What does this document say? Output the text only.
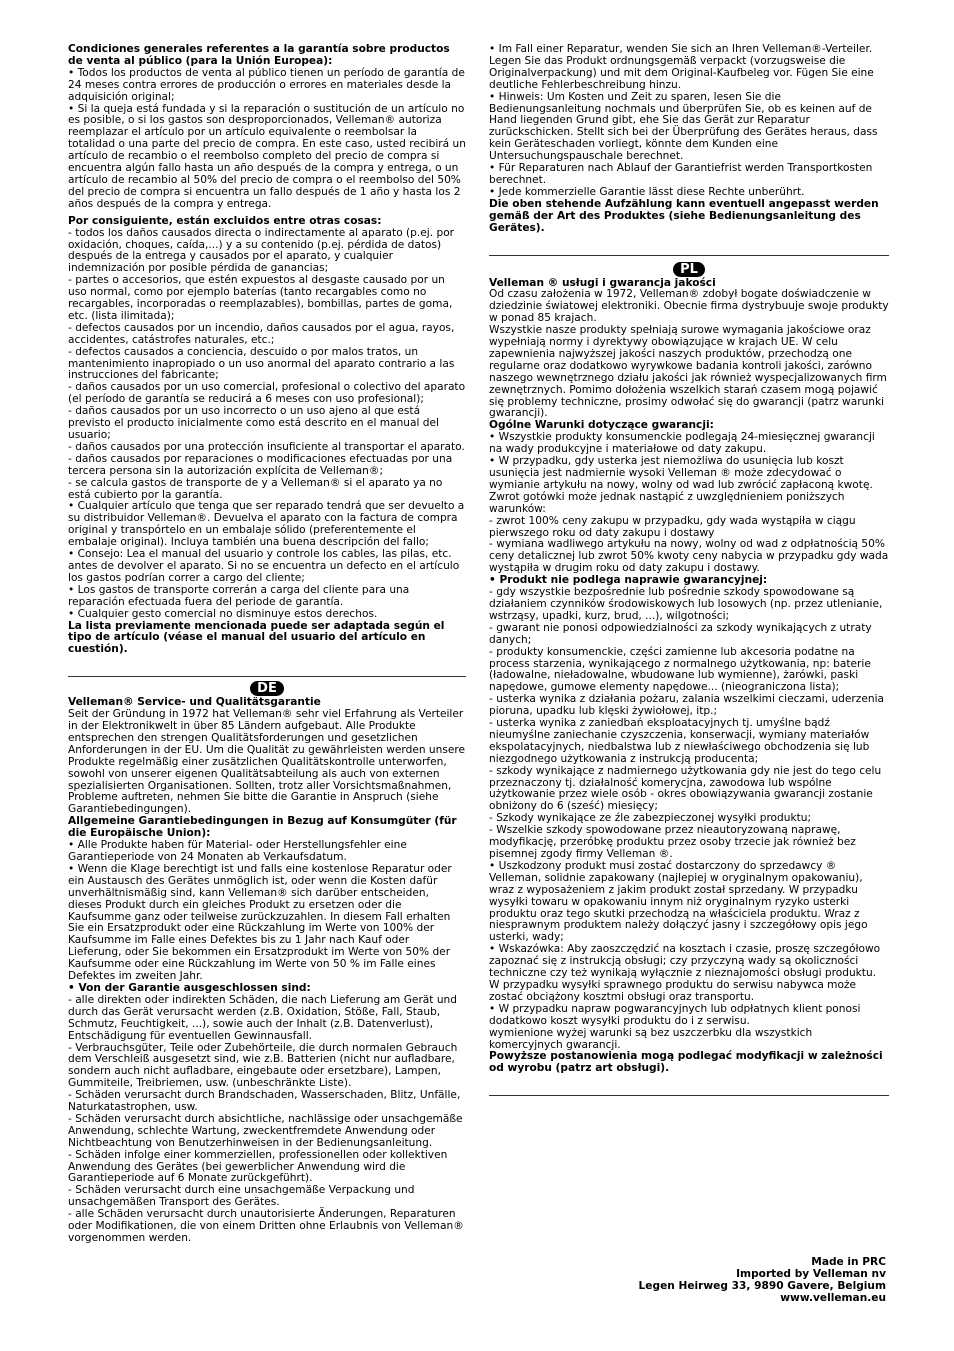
Condiciones generales referentes a la garantía sobre productos de venta al público (para la Unión Europea):

• Todos los productos de venta al público tienen un período de garantía de 24 meses contra errores de producción o errores en materiales desde la adquisición original;

• Si la queja está fundada y si la reparación o sustitución de un artículo no es posible, o si los gastos son desproporcionados, Velleman® autoriza reemplazar el artículo por un artículo equivalente o reembolsar la totalidad o una parte del precio de compra. En este caso, usted recibirá un artículo de recambio o el reembolso completo del precio de compra si encuentra algún fallo hasta un año después de la compra y entrega, o un artículo de recambio al 50% del precio de compra o el reembolso del 50% del precio de compra si encuentra un fallo después de 1 año y hasta los 2 años después de la compra y entrega.

Por consiguiente, están excluidos entre otras cosas:

- todos los daños causados directa o indirectamente al aparato (p.ej. por oxidación, choques, caída,...) y a su contenido (p.ej. pérdida de datos) después de la entrega y causados por el aparato, y cualquier indemnización por posible pérdida de ganancias;

- partes o accesorios, que estén expuestos al desgaste causado por un uso normal, como por ejemplo baterías (tanto recargables como no recargables, incorporadas o reemplazables), bombillas, partes de goma, etc. (lista ilimitada);

- defectos causados por un incendio, daños causados por el agua, rayos, accidentes, catástrofes naturales, etc.;

- defectos causados a conciencia, descuido o por malos tratos, un mantenimiento inapropiado o un uso anormal del aparato contrario a las instrucciones del fabricante;

- daños causados por un uso comercial, profesional o colectivo del aparato (el período de garantía se reducirá a 6 meses con uso profesional);

- daños causados por un uso incorrecto o un uso ajeno al que está previsto el producto inicialmente como está descrito en el manual del usuario;

- daños causados por una protección insuficiente al transportar el aparato.

- daños causados por reparaciones o modificaciones efectuadas por una tercera persona sin la autorización explícita de Velleman®;

- se calcula gastos de transporte de y a Velleman® si el aparato ya no está cubierto por la garantía.

• Cualquier artículo que tenga que ser reparado tendrá que ser devuelto a su distribuidor Velleman®. Devuelva el aparato con la factura de compra original y transpórtelo en un embalaje sólido (preferentemente el embalaje original). Incluya también una buena descripción del fallo;

• Consejo: Lea el manual del usuario y controle los cables, las pilas, etc. antes de devolver el aparato. Si no se encuentra un defecto en el artículo los gastos podrían correr a cargo del cliente;

• Los gastos de transporte correrán a carga del cliente para una reparación efectuada fuera del periode de garantía.

• Cualquier gesto comercial no disminuye estos derechos.

La lista previamente mencionada puede ser adaptada según el tipo de artículo (véase el manual del usuario del artículo en cuestión).

DE

Velleman® Service- und Qualitätsgarantie

Seit der Gründung in 1972 hat Velleman® sehr viel Erfahrung als Verteiler in der Elektronikwelt in über 85 Ländern aufgebaut. Alle Produkte entsprechen den strengen Qualitätsforderungen und gesetzlichen Anforderungen in der EU. Um die Qualität zu gewährleisten werden unsere Produkte regelmäßig einer zusätzlichen Qualitätskontrolle unterworfen, sowohl von unserer eigenen Qualitätsabteilung als auch von externen spezialisierten Organisationen. Sollten, trotz aller Vorsichtsmaßnahmen, Probleme auftreten, nehmen Sie bitte die Garantie in Anspruch (siehe Garantiebedingungen).

Allgemeine Garantiebedingungen in Bezug auf Konsumgüter (für die Europäische Union):

• Alle Produkte haben für Material- oder Herstellungsfehler eine Garantieperiode von 24 Monaten ab Verkaufsdatum.

• Wenn die Klage berechtigt ist und falls eine kostenlose Reparatur oder ein Austausch des Gerätes unmöglich ist, oder wenn die Kosten dafür unverhältnismäßig sind, kann Velleman® sich darüber entscheiden, dieses Produkt durch ein gleiches Produkt zu ersetzen oder die Kaufsumme ganz oder teilweise zurückzuzahlen. In diesem Fall erhalten Sie ein Ersatzprodukt oder eine Rückzahlung im Werte von 100% der Kaufsumme im Falle eines Defektes bis zu 1 Jahr nach Kauf oder Lieferung, oder Sie bekommen ein Ersatzprodukt im Werte von 50% der Kaufsumme oder eine Rückzahlung im Werte von 50 % im Falle eines Defektes im zweiten Jahr.

• Von der Garantie ausgeschlossen sind:

- alle direkten oder indirekten Schäden, die nach Lieferung am Gerät und durch das Gerät verursacht werden (z.B. Oxidation, Stöße, Fall, Staub, Schmutz, Feuchtigkeit, ...), sowie auch der Inhalt (z.B. Datenverlust), Entschädigung für eventuellen Gewinnausfall.

- Verbrauchsgüter, Teile oder Zubehörteile, die durch normalen Gebrauch dem Verschleiß ausgesetzt sind, wie z.B. Batterien (nicht nur aufladbare, sondern auch nicht aufladbare, eingebaute oder ersetzbare), Lampen, Gummiteile, Treibriemen, usw. (unbeschränkte Liste).

- Schäden verursacht durch Brandschaden, Wasserschaden, Blitz, Unfälle, Naturkatastrophen, usw.

- Schäden verursacht durch absichtliche, nachlässige oder unsachgemäße Anwendung, schlechte Wartung, zweckentfremdete Anwendung oder Nichtbeachtung von Benutzerhinweisen in der Bedienungsanleitung.

- Schäden infolge einer kommerziellen, professionellen oder kollektiven Anwendung des Gerätes (bei gewerblicher Anwendung wird die Garantieperiode auf 6 Monate zurückgeführt).

- Schäden verursacht durch eine unsachgemäße Verpackung und unsachgemäßen Transport des Gerätes.

- alle Schäden verursacht durch unautorisierte Änderungen, Reparaturen oder Modifikationen, die von einem Dritten ohne Erlaubnis von Velleman® vorgenommen werden.

• Im Fall einer Reparatur, wenden Sie sich an Ihren Velleman®-Verteiler. Legen Sie das Produkt ordnungsgemäß verpackt (vorzugsweise die Originalverpackung) und mit dem Original-Kaufbeleg vor. Fügen Sie eine deutliche Fehlerbeschreibung hinzu.

• Hinweis: Um Kosten und Zeit zu sparen, lesen Sie die Bedienungsanleitung nochmals und überprüfen Sie, ob es keinen auf de Hand liegenden Grund gibt, ehe Sie das Gerät zur Reparatur zurückschicken. Stellt sich bei der Überprüfung des Gerätes heraus, dass kein Geräteschaden vorliegt, könnte dem Kunden eine Untersuchungspauschale berechnet.

• Für Reparaturen nach Ablauf der Garantiefrist werden Transportkosten berechnet.

• Jede kommerzielle Garantie lässt diese Rechte unberührt.

Die oben stehende Aufzählung kann eventuell angepasst werden gemäß der Art des Produktes (siehe Bedienungsanleitung des Gerätes).

PL

Velleman ® usługi i gwarancja jakości

Od czasu założenia w 1972, Velleman® zdobył bogate doświadczenie w dziedzinie światowej elektroniki. Obecnie firma dystrybuuje swoje produkty w ponad 85 krajach.
Wszystkie nasze produkty spełniają surowe wymagania jakościowe oraz wypełniają normy i dyrektywy obowiązujące w krajach UE. W celu zapewnienia najwyższej jakości naszych produktów, przechodzą one regularne oraz dodatkowo wyrywkowe badania kontroli jakości, zarówno naszego wewnętrznego działu jakości jak również wyspecjalizowanych firm zewnętrznych. Pomimo dołożenia wszelkich starań czasem mogą pojawić się problemy techniczne, prosimy odwołać się do gwarancji (patrz warunki gwarancji).

Ogólne Warunki dotyczące gwarancji:

• Wszystkie produkty konsumenckie podlegają 24-miesięcznej gwarancji na wady produkcyjne i materiałowe od daty zakupu.

• W przypadku, gdy usterka jest niemożliwa do usunięcia lub koszt usunięcia jest nadmiernie wysoki Velleman ® może zdecydować o wymianie artykułu na nowy, wolny od wad lub zwrócić zapłaconą kwotę. Zwrot gotówki może jednak nastąpić z uwzględnieniem poniższych warunków:

- zwrot 100% ceny zakupu w przypadku, gdy wada wystąpiła w ciągu pierwszego roku od daty zakupu i dostawy

- wymiana wadliwego artykułu na nowy, wolny od wad z odpłatnością 50% ceny detalicznej lub zwrot 50% kwoty ceny nabycia w przypadku gdy wada wystąpiła w drugim roku od daty zakupu i dostawy.

• Produkt nie podlega naprawie gwarancyjnej:

- gdy wszystkie bezpośrednie lub pośrednie szkody spowodowane są działaniem czynników środowiskowych lub losowych (np. przez utlenianie, wstrząsy, upadki, kurz, brud, ...), wilgotności;

- gwarant nie ponosi odpowiedzialności za szkody wynikających z utraty danych;

- produkty konsumenckie, części zamienne lub akcesoria podatne na process starzenia, wynikającego z normalnego użytkowania, np: baterie (ładowalne, nieładowalne, wbudowane lub wymienne), żarówki, paski napędowe, gumowe elementy napędowe... (nieograniczona lista);

- usterka wynika z działania pożaru, zalania wszelkimi cieczami, uderzenia pioruna, upadku lub klęski żywiołowej, itp.;

- usterka wynika z zaniedbań eksploatacyjnych tj. umyślne bądź nieumyślne zaniechanie czyszczenia, konserwacji, wymiany materiałów ekspolatacyjnych, niedbalstwa lub z niewłaściwego obchodzenia się lub niezgodnego użytkowania z instrukcją producenta;

- szkody wynikające z nadmiernego użytkowania gdy nie jest do tego celu przeznaczony tj. działalność komerycjna, zawodowa lub wspólne użytkowanie przez wiele osób - okres obowiązywania gwarancji zostanie obniżony do 6 (sześć) miesięcy;

- Szkody wynikające ze źle zabezpieczonej wysyłki produktu;

- Wszelkie szkody spowodowane przez nieautoryzowaną naprawę, modyfikację, przeróbkę produktu przez osoby trzecie jak również bez pisemnej zgody firmy Velleman ®.

• Uszkodzony produkt musi zostać dostarczony do sprzedawcy ® Velleman, solidnie zapakowany (najlepiej w oryginalnym opakowaniu), wraz z wyposażeniem z jakim produkt został sprzedany. W przypadku wysyłki towaru w opakowaniu innym niż oryginalnym ryzyko usterki produktu oraz tego skutki przechodzą na właściciela produktu. Wraz z niesprawnym produktem należy dołączyć jasny i szczegółowy opis jego usterki, wady;

• Wskazówka: Aby zaoszczędzić na kosztach i czasie, proszę szczegółowo zapoznać się z instrukcją obsługi; czy przyczyną wady są okoliczności techniczne czy też wynikają wyłącznie z nieznajomości obsługi produktu. W przypadku wysyłki sprawnego produktu do serwisu nabywca może zostać obciążony kosztmi obsługi oraz transportu.

• W przypadku napraw pogwarancyjnych lub odpłatnych klient ponosi dodatkowo koszt wysyłki produktu do i z serwisu.
wymienione wyżej warunki są bez uszczerbku dla wszystkich komercyjnych gwarancji.

Powyższe postanowienia mogą podlegać modyfikacji w zależności od wyrobu (patrz art obsługi).

Made in PRC
Imported by Velleman nv
Legen Heirweg 33, 9890 Gavere, Belgium
www.velleman.eu
